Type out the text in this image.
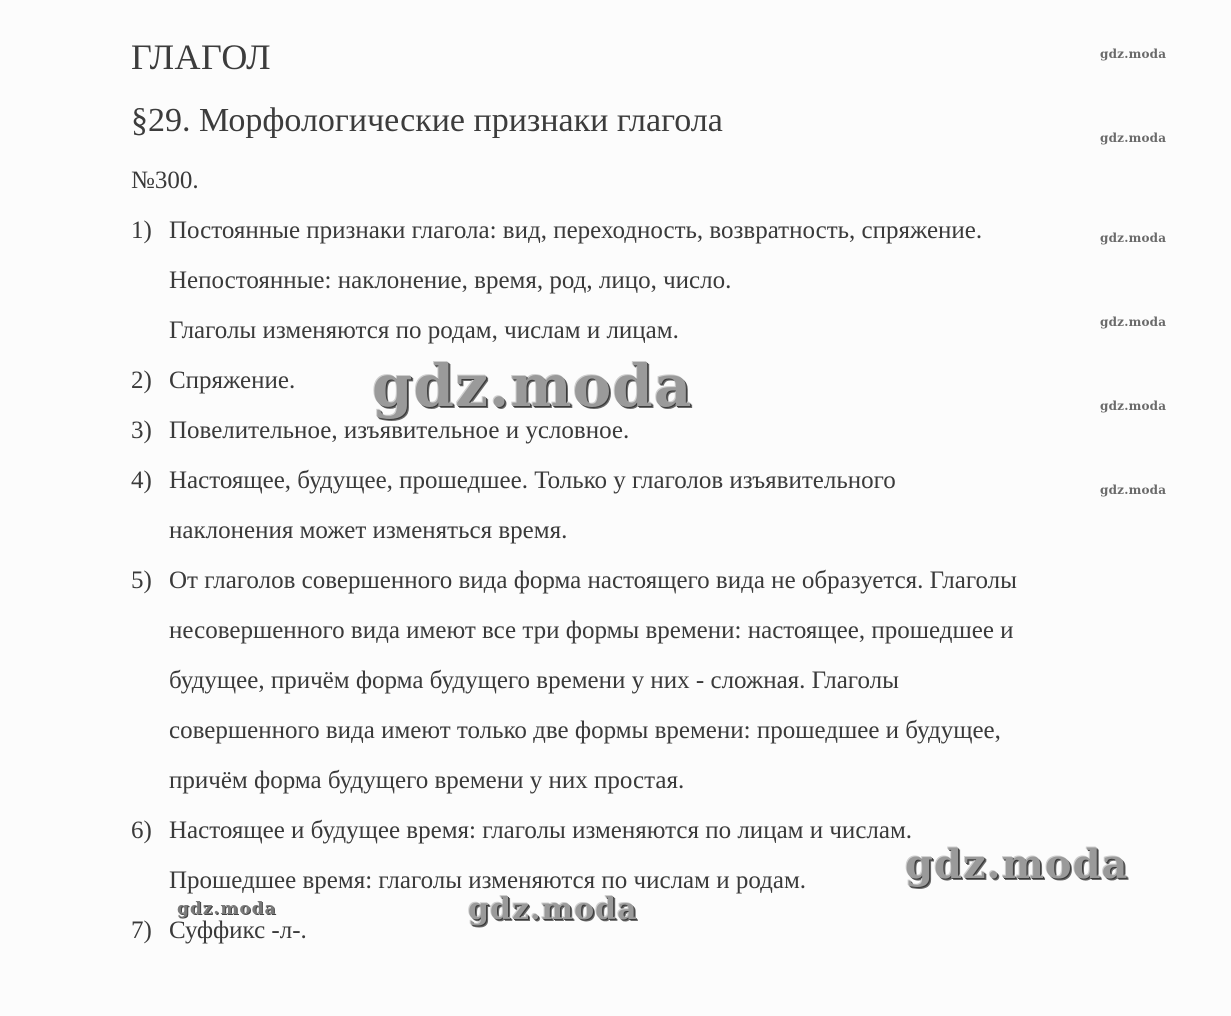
ГЛАГОЛ
§29. Морфологические признаки глагола
№300.
1) Постоянные признаки глагола: вид, переходность, возвратность, спряжение.
Непостоянные: наклонение, время, род, лицо, число.
Глаголы изменяются по родам, числам и лицам.
2) Спряжение.
3) Повелительное, изъявительное и условное.
4) Настоящее, будущее, прошедшее. Только у глаголов изъявительного
наклонения может изменяться время.
5) От глаголов совершенного вида форма настоящего вида не образуется. Глаголы
несовершенного вида имеют все три формы времени: настоящее, прошедшее и
будущее, причём форма будущего времени у них - сложная. Глаголы
совершенного вида имеют только две формы времени: прошедшее и будущее,
причём форма будущего времени у них простая.
6) Настоящее и будущее время: глаголы изменяются по лицам и числам.
Прошедшее время: глаголы изменяются по числам и родам.
7) Суффикс -л-.
gdz.moda
gdz.moda
gdz.moda
gdz.moda
gdz.moda
gdz.moda
gdz.moda
gdz.moda
gdz.moda
gdz.moda
